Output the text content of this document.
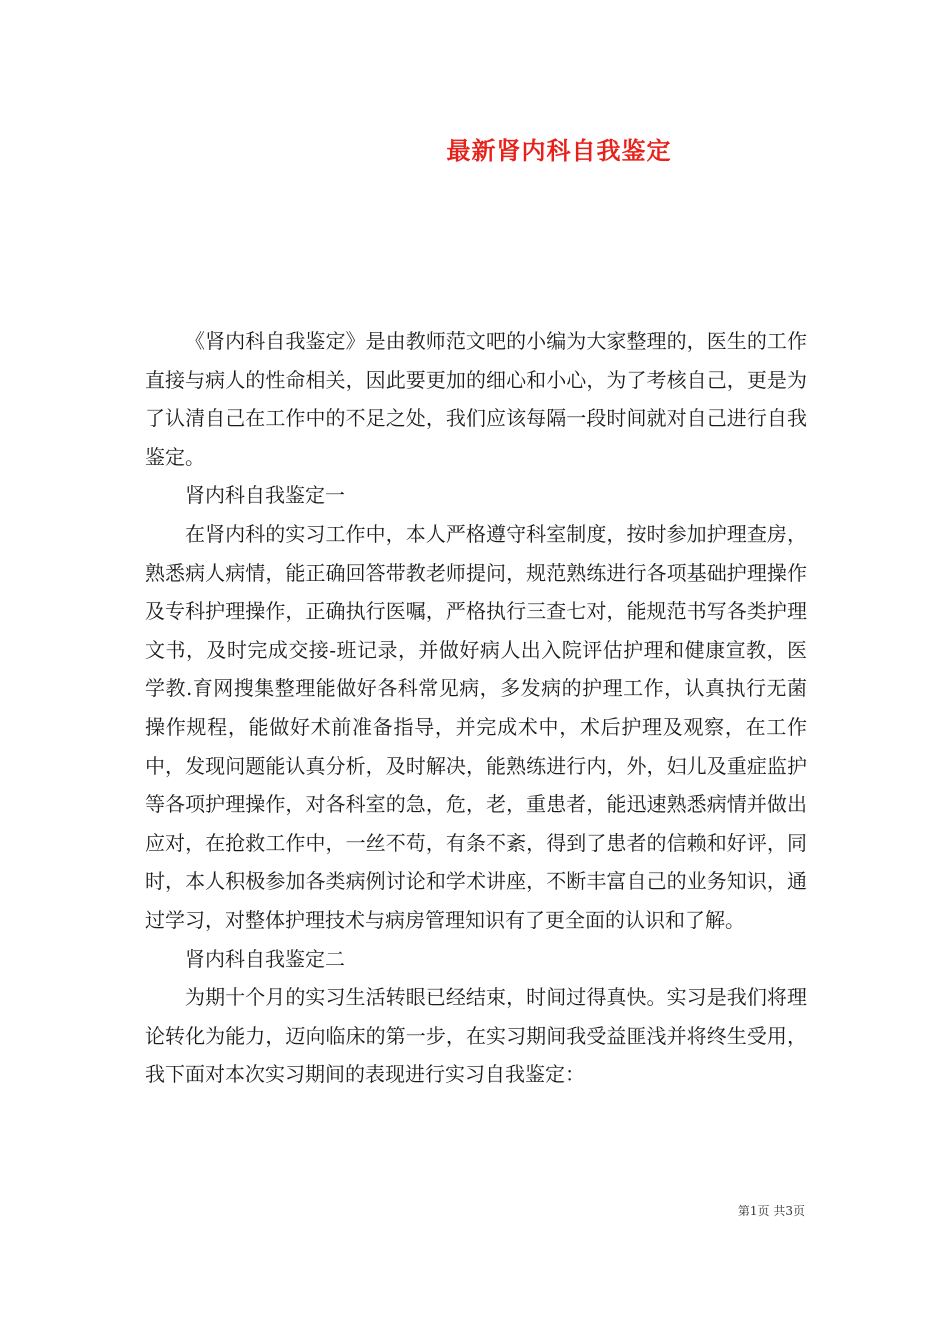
最新肾内科自我鉴定

《肾内科自我鉴定》是由教师范文吧的小编为大家整理的，医生的工作直接与病人的性命相关，因此要更加的细心和小心，为了考核自己，更是为了认清自己在工作中的不足之处，我们应该每隔一段时间就对自己进行自我鉴定。

肾内科自我鉴定一

在肾内科的实习工作中，本人严格遵守科室制度，按时参加护理查房，熟悉病人病情，能正确回答带教老师提问，规范熟练进行各项基础护理操作及专科护理操作，正确执行医嘱，严格执行三查七对，能规范书写各类护理文书，及时完成交接-班记录，并做好病人出入院评估护理和健康宣教，医学教.育网搜集整理能做好各科常见病，多发病的护理工作，认真执行无菌操作规程，能做好术前准备指导，并完成术中，术后护理及观察，在工作中，发现问题能认真分析，及时解决，能熟练进行内，外，妇儿及重症监护等各项护理操作，对各科室的急，危，老，重患者，能迅速熟悉病情并做出应对，在抢救工作中，一丝不苟，有条不紊，得到了患者的信赖和好评，同时，本人积极参加各类病例讨论和学术讲座，不断丰富自己的业务知识，通过学习，对整体护理技术与病房管理知识有了更全面的认识和了解。

肾内科自我鉴定二

为期十个月的实习生活转眼已经结束，时间过得真快。实习是我们将理论转化为能力，迈向临床的第一步，在实习期间我受益匪浅并将终生受用，我下面对本次实习期间的表现进行实习自我鉴定：

第1页 共3页
